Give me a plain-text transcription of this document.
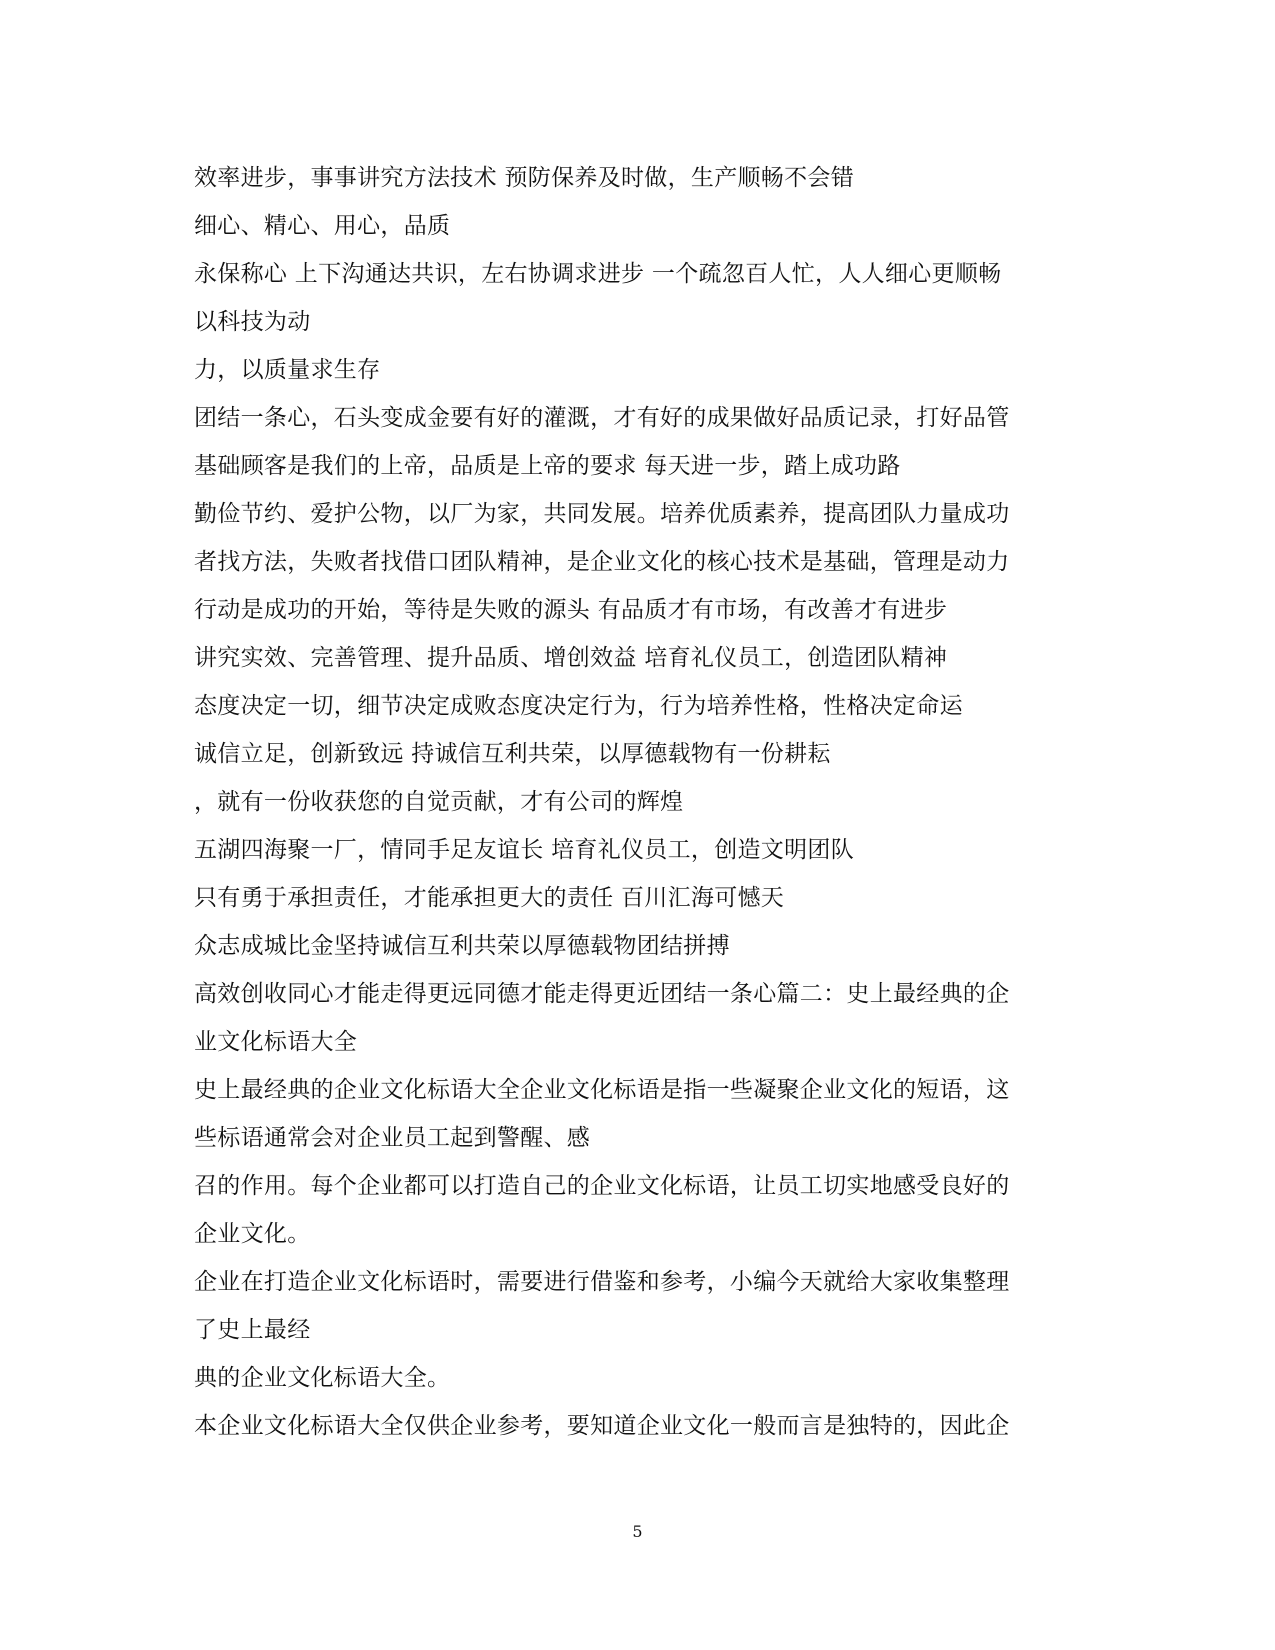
效率进步，事事讲究方法技术 预防保养及时做，生产顺畅不会错
细心、精心、用心，品质
永保称心 上下沟通达共识，左右协调求进步 一个疏忽百人忙，人人细心更顺畅
以科技为动
力，以质量求生存
团结一条心，石头变成金要有好的灌溉，才有好的成果做好品质记录，打好品管
基础顾客是我们的上帝，品质是上帝的要求 每天进一步，踏上成功路
勤俭节约、爱护公物，以厂为家，共同发展。培养优质素养，提高团队力量成功
者找方法，失败者找借口团队精神，是企业文化的核心技术是基础，管理是动力
行动是成功的开始，等待是失败的源头 有品质才有市场，有改善才有进步
讲究实效、完善管理、提升品质、增创效益 培育礼仪员工，创造团队精神
态度决定一切，细节决定成败态度决定行为，行为培养性格，性格决定命运
诚信立足，创新致远 持诚信互利共荣，以厚德载物有一份耕耘
，就有一份收获您的自觉贡献，才有公司的辉煌
五湖四海聚一厂，情同手足友谊长 培育礼仪员工，创造文明团队
只有勇于承担责任，才能承担更大的责任 百川汇海可憾天
众志成城比金坚持诚信互利共荣以厚德载物团结拼搏
高效创收同心才能走得更远同德才能走得更近团结一条心篇二：史上最经典的企
业文化标语大全
史上最经典的企业文化标语大全企业文化标语是指一些凝聚企业文化的短语，这
些标语通常会对企业员工起到警醒、感
召的作用。每个企业都可以打造自己的企业文化标语，让员工切实地感受良好的
企业文化。
企业在打造企业文化标语时，需要进行借鉴和参考，小编今天就给大家收集整理
了史上最经
典的企业文化标语大全。
本企业文化标语大全仅供企业参考，要知道企业文化一般而言是独特的，因此企
5
